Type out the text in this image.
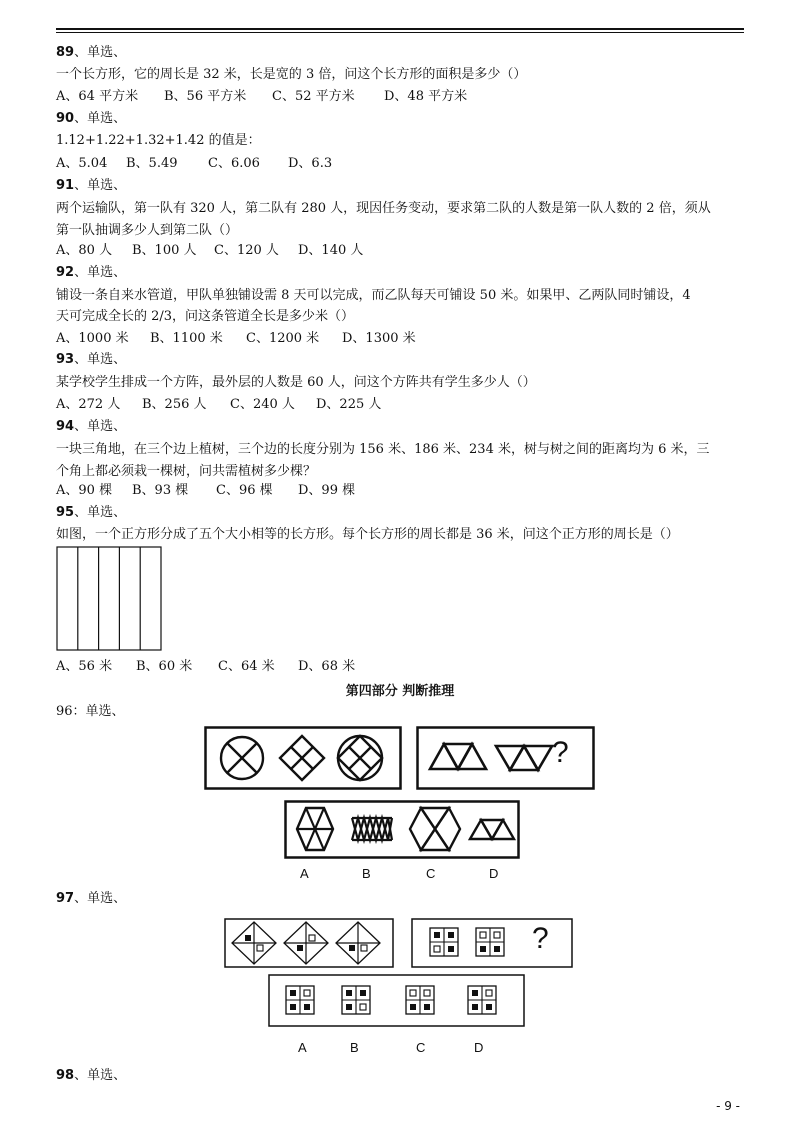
89、单选、
一个长方形，它的周长是 32 米，长是宽的 3 倍，问这个长方形的面积是多少（）
A、64 平方米 B、56 平方米 C、52 平方米 D、48 平方米
90、单选、
1.12+1.22+1.32+1.42 的值是：
A、5.04 B、5.49 C、6.06 D、6.3
91、单选、
两个运输队，第一队有 320 人，第二队有 280 人，现因任务变动，要求第二队的人数是第一队人数的 2 倍，须从
第一队抽调多少人到第二队（）
A、80 人 B、100 人 C、120 人 D、140 人
92、单选、
铺设一条自来水管道，甲队单独铺设需 8 天可以完成，而乙队每天可铺设 50 米。如果甲、乙两队同时铺设，4
天可完成全长的 2/3，问这条管道全长是多少米（）
A、1000 米 B、1100 米 C、1200 米 D、1300 米
93、单选、
某学校学生排成一个方阵，最外层的人数是 60 人，问这个方阵共有学生多少人（）
A、272 人 B、256 人 C、240 人 D、225 人
94、单选、
一块三角地，在三个边上植树，三个边的长度分别为 156 米、186 米、234 米，树与树之间的距离均为 6 米，三
个角上都必须栽一棵树，问共需植树多少棵？
A、90 棵 B、93 棵 C、96 棵 D、99 棵
95、单选、
如图，一个正方形分成了五个大小相等的长方形。每个长方形的周长都是 36 米，问这个正方形的周长是（）
A、56 米 B、60 米 C、64 米 D、68 米
第四部分 判断推理
96：单选、
?
A	B	C	D
97、单选、
?
A	B	C	D
98、单选、
- 9 -
